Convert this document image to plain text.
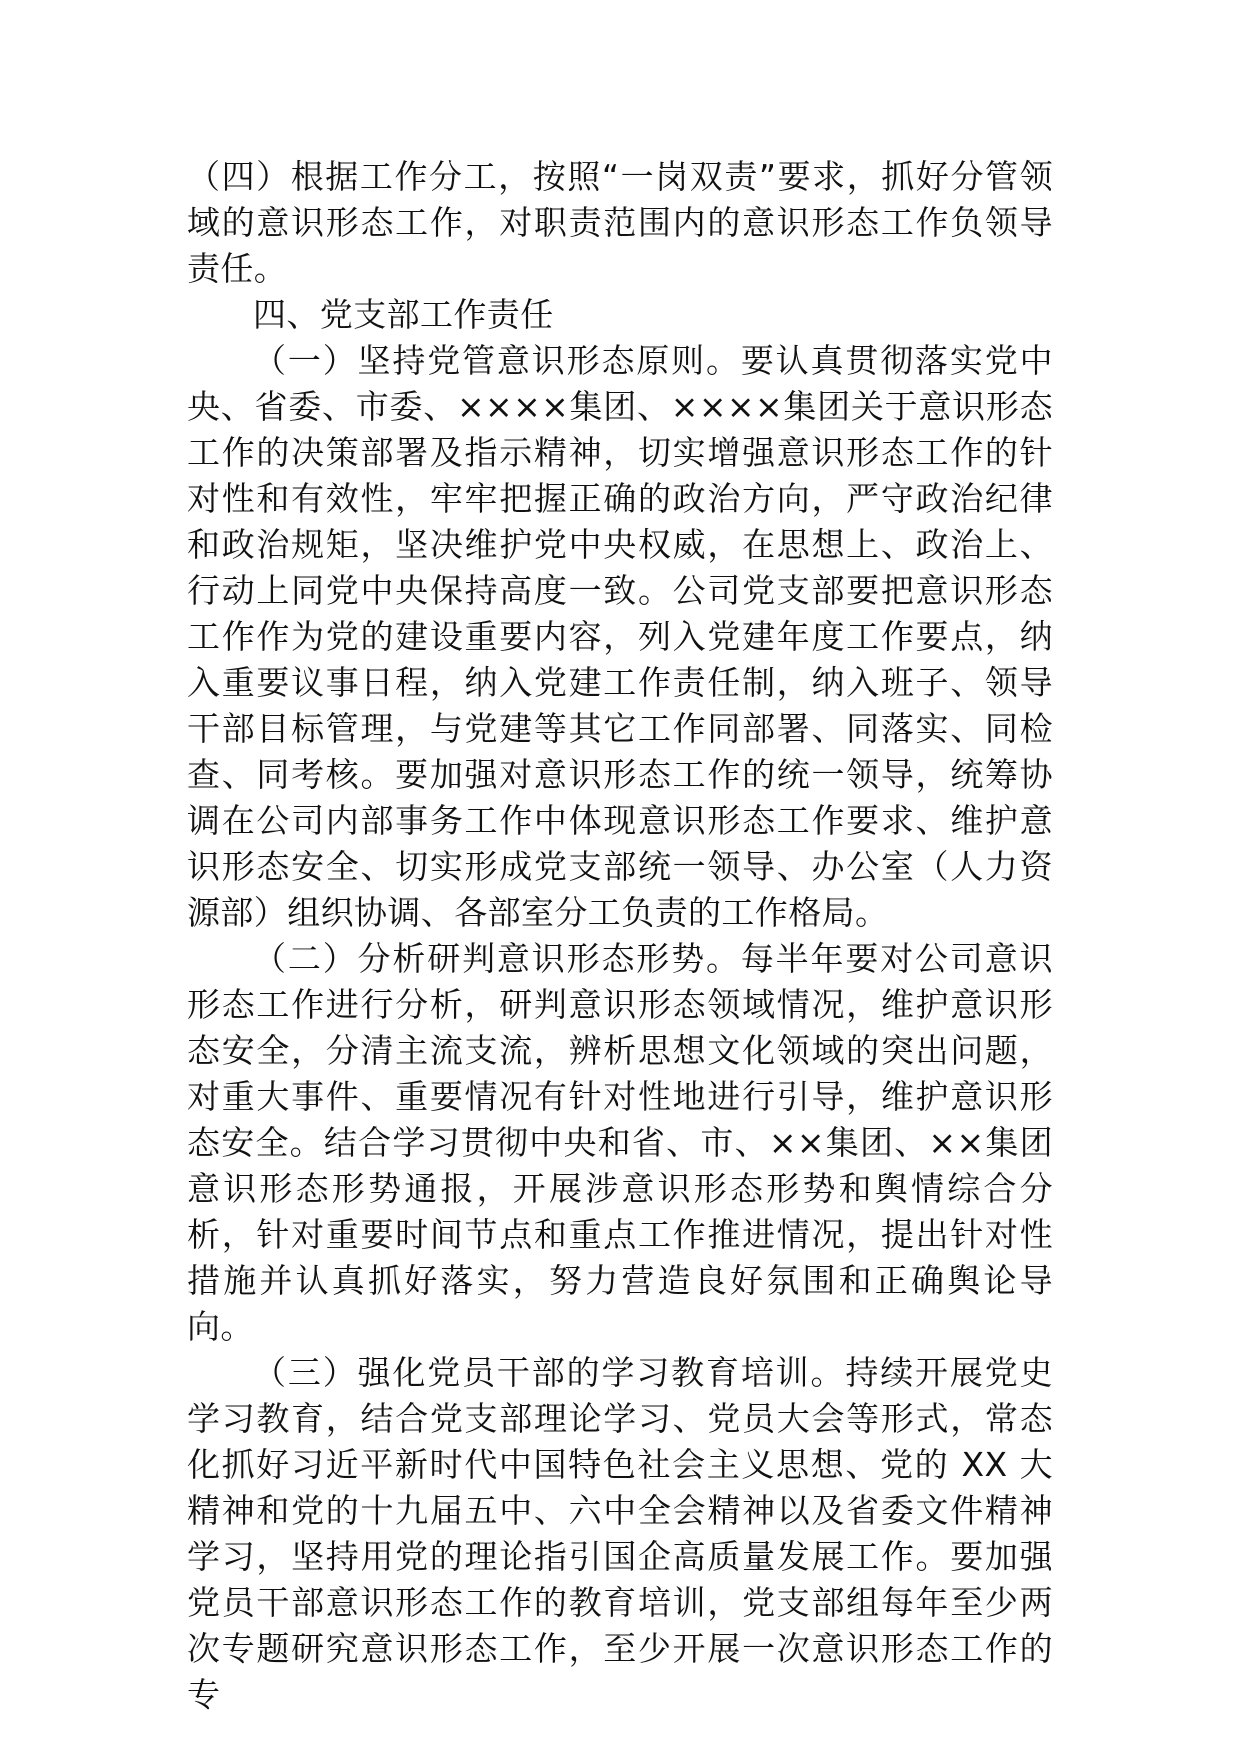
（四）根据工作分工，按照“一岗双责”要求，抓好分管领域的意识形态工作，对职责范围内的意识形态工作负领导责任。

四、党支部工作责任

（一）坚持党管意识形态原则。要认真贯彻落实党中央、省委、市委、××××集团、××××集团关于意识形态工作的决策部署及指示精神，切实增强意识形态工作的针对性和有效性，牢牢把握正确的政治方向，严守政治纪律和政治规矩，坚决维护党中央权威，在思想上、政治上、行动上同党中央保持高度一致。公司党支部要把意识形态工作作为党的建设重要内容，列入党建年度工作要点，纳入重要议事日程，纳入党建工作责任制，纳入班子、领导干部目标管理，与党建等其它工作同部署、同落实、同检查、同考核。要加强对意识形态工作的统一领导，统筹协调在公司内部事务工作中体现意识形态工作要求、维护意识形态安全、切实形成党支部统一领导、办公室（人力资源部）组织协调、各部室分工负责的工作格局。

（二）分析研判意识形态形势。每半年要对公司意识形态工作进行分析，研判意识形态领域情况，维护意识形态安全，分清主流支流，辨析思想文化领域的突出问题，对重大事件、重要情况有针对性地进行引导，维护意识形态安全。结合学习贯彻中央和省、市、××集团、××集团意识形态形势通报，开展涉意识形态形势和舆情综合分析，针对重要时间节点和重点工作推进情况，提出针对性措施并认真抓好落实，努力营造良好氛围和正确舆论导向。

（三）强化党员干部的学习教育培训。持续开展党史学习教育，结合党支部理论学习、党员大会等形式，常态化抓好习近平新时代中国特色社会主义思想、党的 XX 大精神和党的十九届五中、六中全会精神以及省委文件精神学习，坚持用党的理论指引国企高质量发展工作。要加强党员干部意识形态工作的教育培训，党支部组每年至少两次专题研究意识形态工作，至少开展一次意识形态工作的专
